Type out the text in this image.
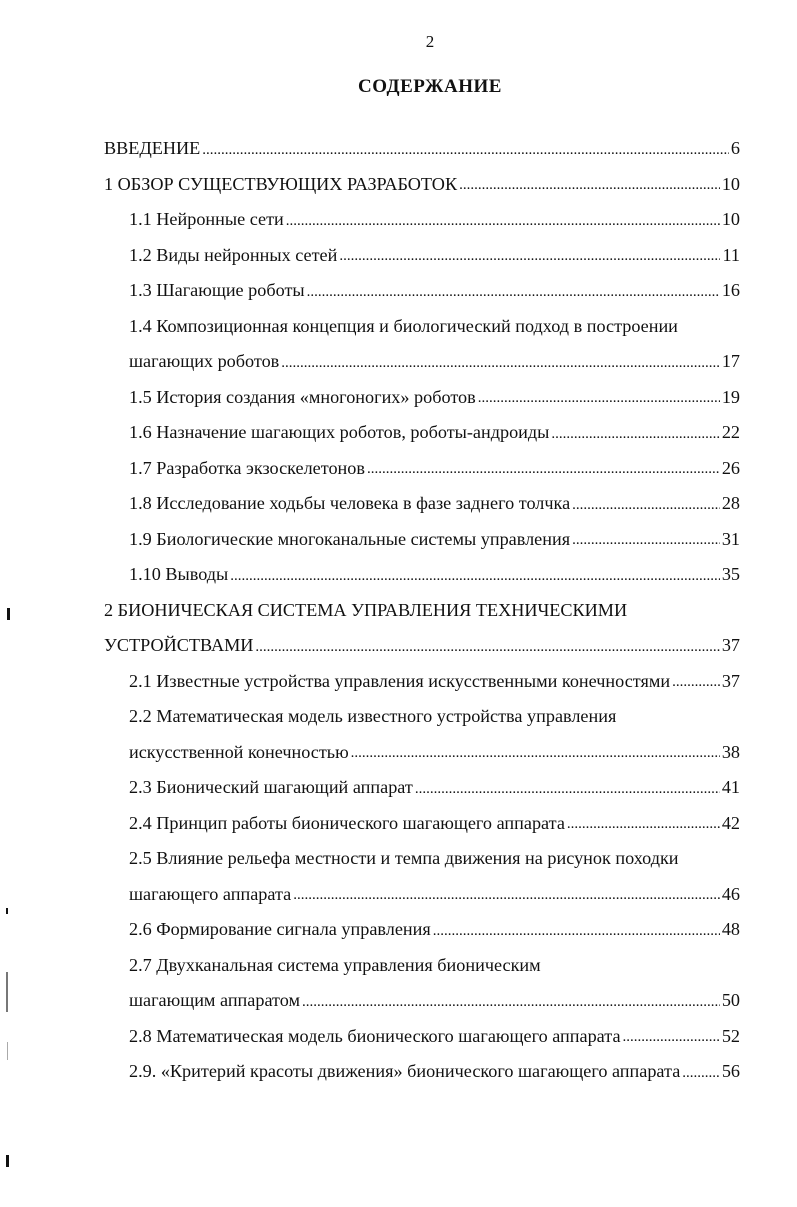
2
СОДЕРЖАНИЕ
ВВЕДЕНИЕ .....	6
1 ОБЗОР СУЩЕСТВУЮЩИХ РАЗРАБОТОК .....	10
1.1 Нейронные сети .....	10
1.2 Виды нейронных сетей .....	11
1.3 Шагающие роботы .....	16
1.4 Композиционная концепция и биологический подход в построении
шагающих роботов .....	17
1.5 История создания «многоногих» роботов .....	19
1.6 Назначение шагающих роботов, роботы-андроиды .....	22
1.7 Разработка экзоскелетонов .....	26
1.8 Исследование ходьбы человека в фазе заднего толчка .....	28
1.9 Биологические многоканальные системы управления .....	31
1.10 Выводы .....	35
2 БИОНИЧЕСКАЯ СИСТЕМА УПРАВЛЕНИЯ ТЕХНИЧЕСКИМИ
УСТРОЙСТВАМИ .....	37
2.1 Известные устройства управления искусственными конечностями .....	37
2.2 Математическая модель известного устройства управления
искусственной конечностью .....	38
2.3 Бионический шагающий аппарат .....	41
2.4 Принцип работы бионического шагающего аппарата .....	42
2.5 Влияние рельефа местности и темпа движения на рисунок походки
шагающего аппарата .....	46
2.6 Формирование сигнала управления .....	48
2.7 Двухканальная система управления бионическим
шагающим аппаратом .....	50
2.8 Математическая модель бионического шагающего аппарата .....	52
2.9. «Критерий красоты движения» бионического шагающего аппарата ..... 56
